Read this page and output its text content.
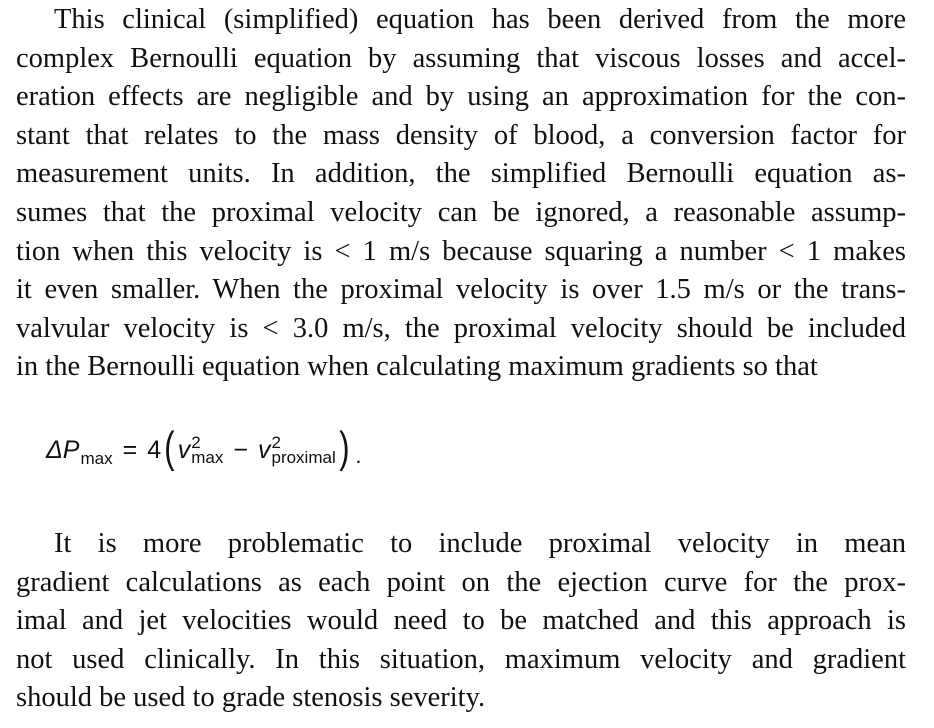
This clinical (simplified) equation has been derived from the more
complex Bernoulli equation by assuming that viscous losses and accel-
eration effects are negligible and by using an approximation for the con-
stant that relates to the mass density of blood, a conversion factor for
measurement units. In addition, the simplified Bernoulli equation as-
sumes that the proximal velocity can be ignored, a reasonable assump-
tion when this velocity is < 1 m/s because squaring a number < 1 makes
it even smaller. When the proximal velocity is over 1.5 m/s or the trans-
valvular velocity is < 3.0 m/s, the proximal velocity should be included
in the Bernoulli equation when calculating maximum gradients so that

ΔP max = 4 ( v 2
max − v 2
proximal ) .

It is more problematic to include proximal velocity in mean
gradient calculations as each point on the ejection curve for the prox-
imal and jet velocities would need to be matched and this approach is
not used clinically. In this situation, maximum velocity and gradient
should be used to grade stenosis severity.
